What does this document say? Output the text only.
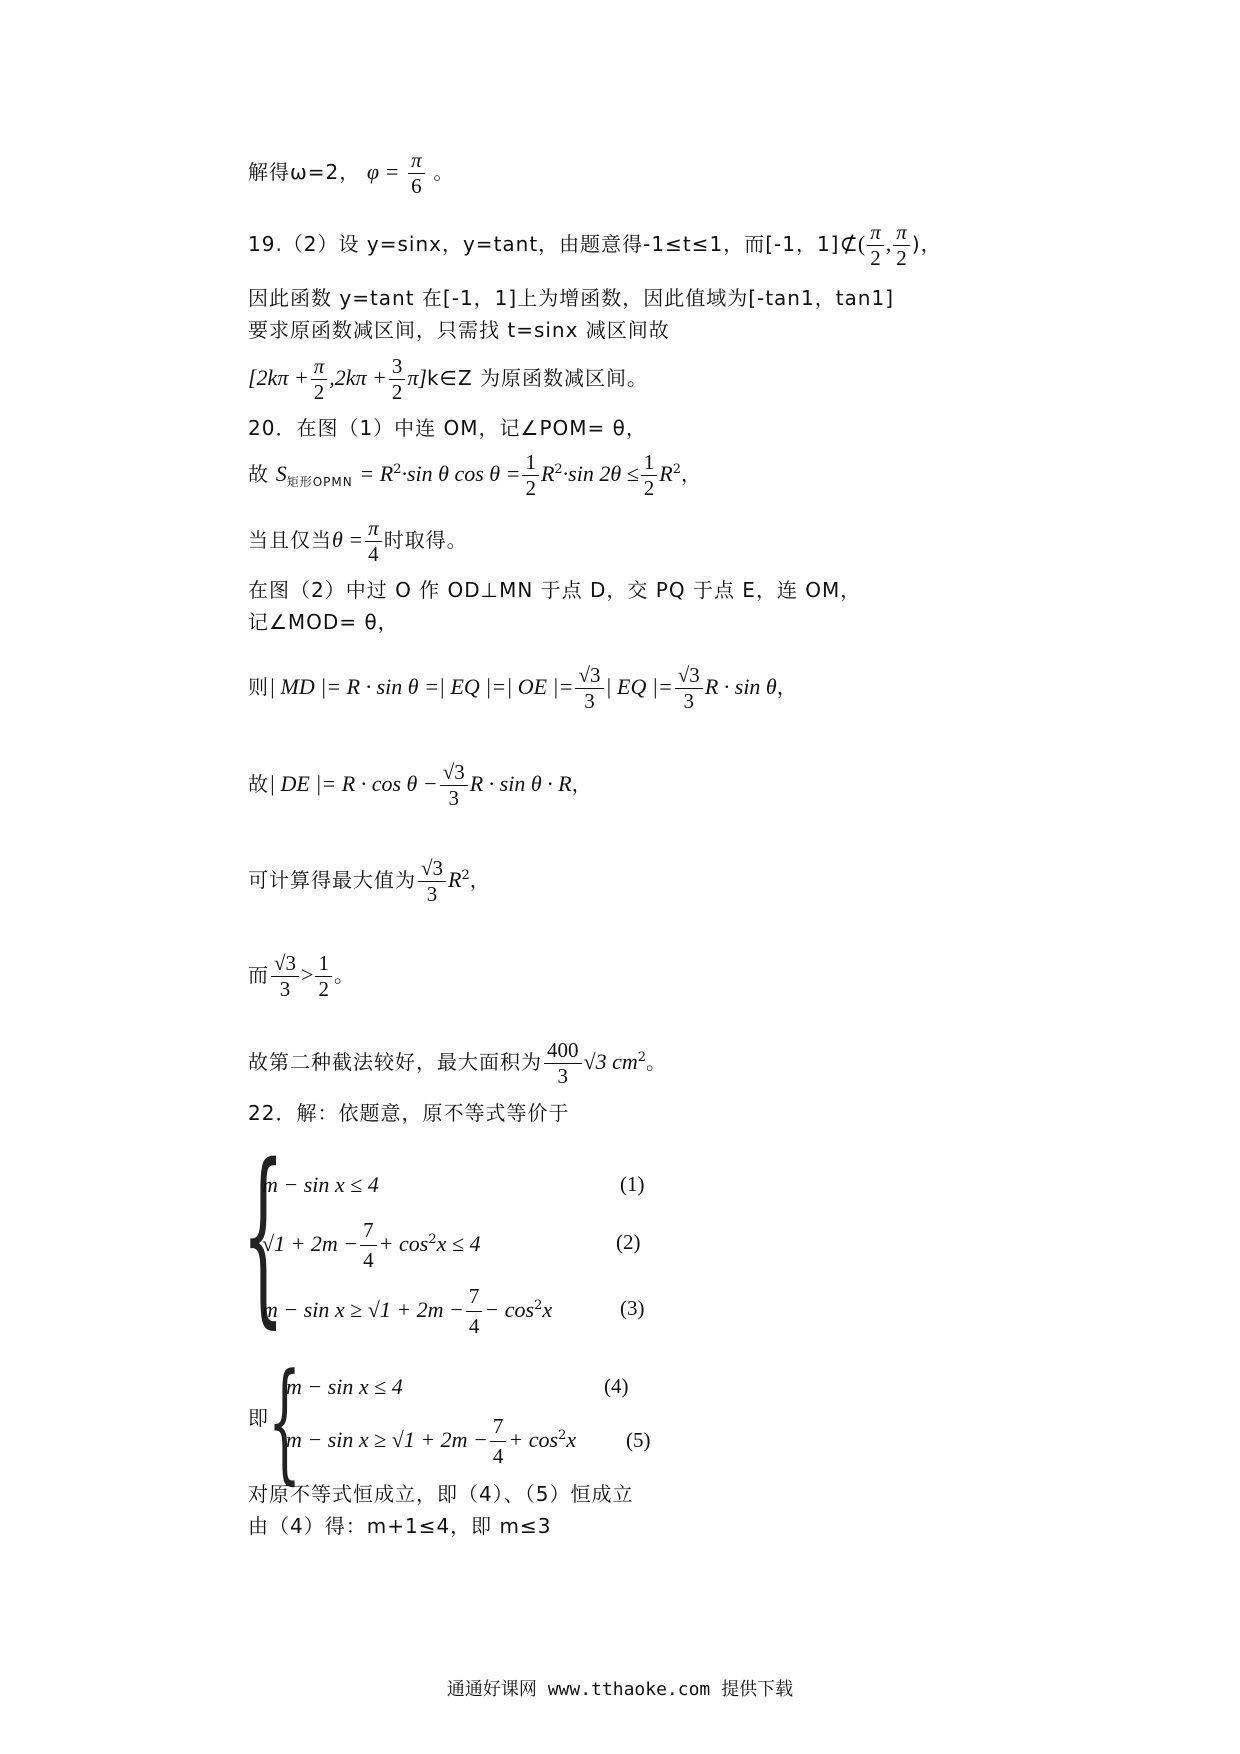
解得ω=2， $\varphi = \frac{\pi}{6}$ 。
19.（2）设 y=sinx，y=tant，由题意得-1≤t≤1，而[-1，1]⊄( $\frac{\pi}{2}$ , $\frac{\pi}{2}$ )，
因此函数 y=tant 在[-1，1]上为增函数，因此值域为[-tan1，tan1]
要求原函数减区间，只需找 t=sinx 减区间故
[$2k\pi + \frac{\pi}{2} ,2k\pi + \frac{3}{2}$ π]k∈Z 为原函数减区间。
20．在图（1）中连 OM，记∠POM= θ，
故 $S_{矩形OPMN} = R^2\cdot\sin$ θ $\cos \theta = \frac{1}{2} R^2\cdot\sin$ $2\theta \le \frac{1}{2} R^2$，
当且仅当$\theta = \frac{\pi}{4}$ 时取得。
在图（2）中过 O 作 OD⊥MN 于点 D，交 PQ 于点 E，连 OM，
记∠MOD= θ，
则| MD |= R · sin θ =| EQ |=| OE |= $\frac{√3}{3}$ | EQ |= $\frac{√3}{3}$ R · sin θ，
故| DE |= $R \cdot \cos \theta - \frac{√3}{3}$ R · sin θ · R，
可计算得最大值为 $\frac{√3}{3} R^2$，
而 $\frac{√3}{3} > \frac{1}{2}$ 。
故第二种截法较好，最大面积为 $\frac{400}{3} √3$ $cm^2$。
22．解：依题意，原不等式等价于
{
m − sin x ≤ 4	(1)
$√1 + 2m - \frac{7}{4} + \cos^2x \le 4$	(2)
$m - \sin x \ge √1 + 2m - \frac{7}{4} - \cos^2x$	(3)
即 {
m − sin x ≤ 4	(4)
$m - \sin x \ge √1 + 2m - \frac{7}{4} + \cos^2x$ (5)
对原不等式恒成立，即（4）、（5）恒成立
由（4）得：m+1≤4，即 m≤3
通通好课网 www.tthaoke.com 提供下载
